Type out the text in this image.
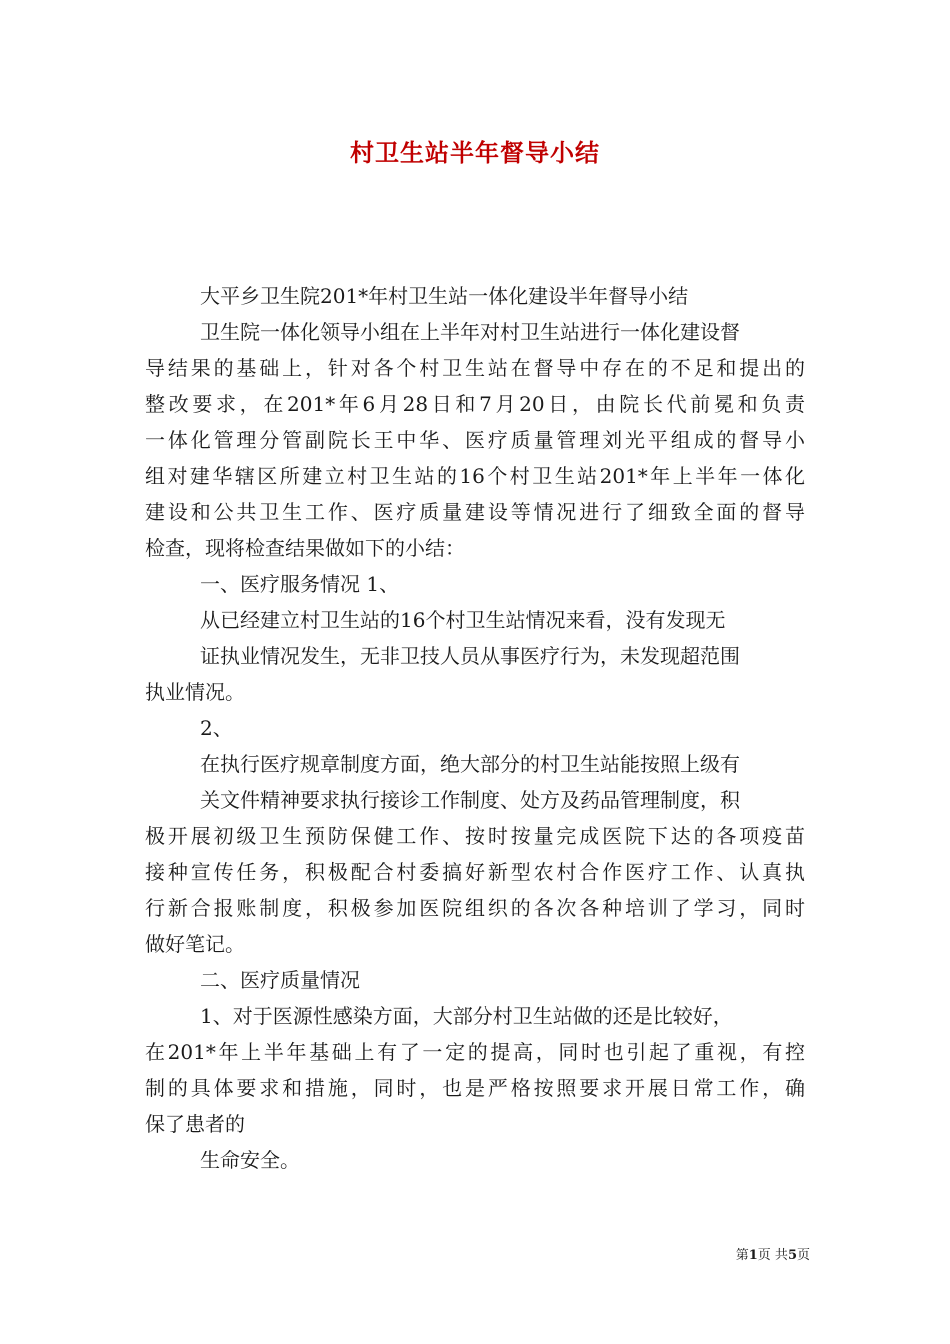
村卫生站半年督导小结

大平乡卫生院201*年村卫生站一体化建设半年督导小结

卫生院一体化领导小组在上半年对村卫生站进行一体化建设督

导结果的基础上，针对各个村卫生站在督导中存在的不足和提出的

整改要求，在201*年6月28日和7月20日，由院长代前冕和负责

一体化管理分管副院长王中华、医疗质量管理刘光平组成的督导小

组对建华辖区所建立村卫生站的16个村卫生站201*年上半年一体化

建设和公共卫生工作、医疗质量建设等情况进行了细致全面的督导

检查，现将检查结果做如下的小结：

一、医疗服务情况 1、

从已经建立村卫生站的16个村卫生站情况来看，没有发现无

证执业情况发生，无非卫技人员从事医疗行为，未发现超范围

执业情况。

2、

在执行医疗规章制度方面，绝大部分的村卫生站能按照上级有

关文件精神要求执行接诊工作制度、处方及药品管理制度，积

极开展初级卫生预防保健工作、按时按量完成医院下达的各项疫苗

接种宣传任务，积极配合村委搞好新型农村合作医疗工作、认真执

行新合报账制度，积极参加医院组织的各次各种培训了学习，同时

做好笔记。

二、医疗质量情况

1、对于医源性感染方面，大部分村卫生站做的还是比较好，

在201*年上半年基础上有了一定的提高，同时也引起了重视，有控

制的具体要求和措施，同时，也是严格按照要求开展日常工作，确

保了患者的

生命安全。

第1页 共5页
